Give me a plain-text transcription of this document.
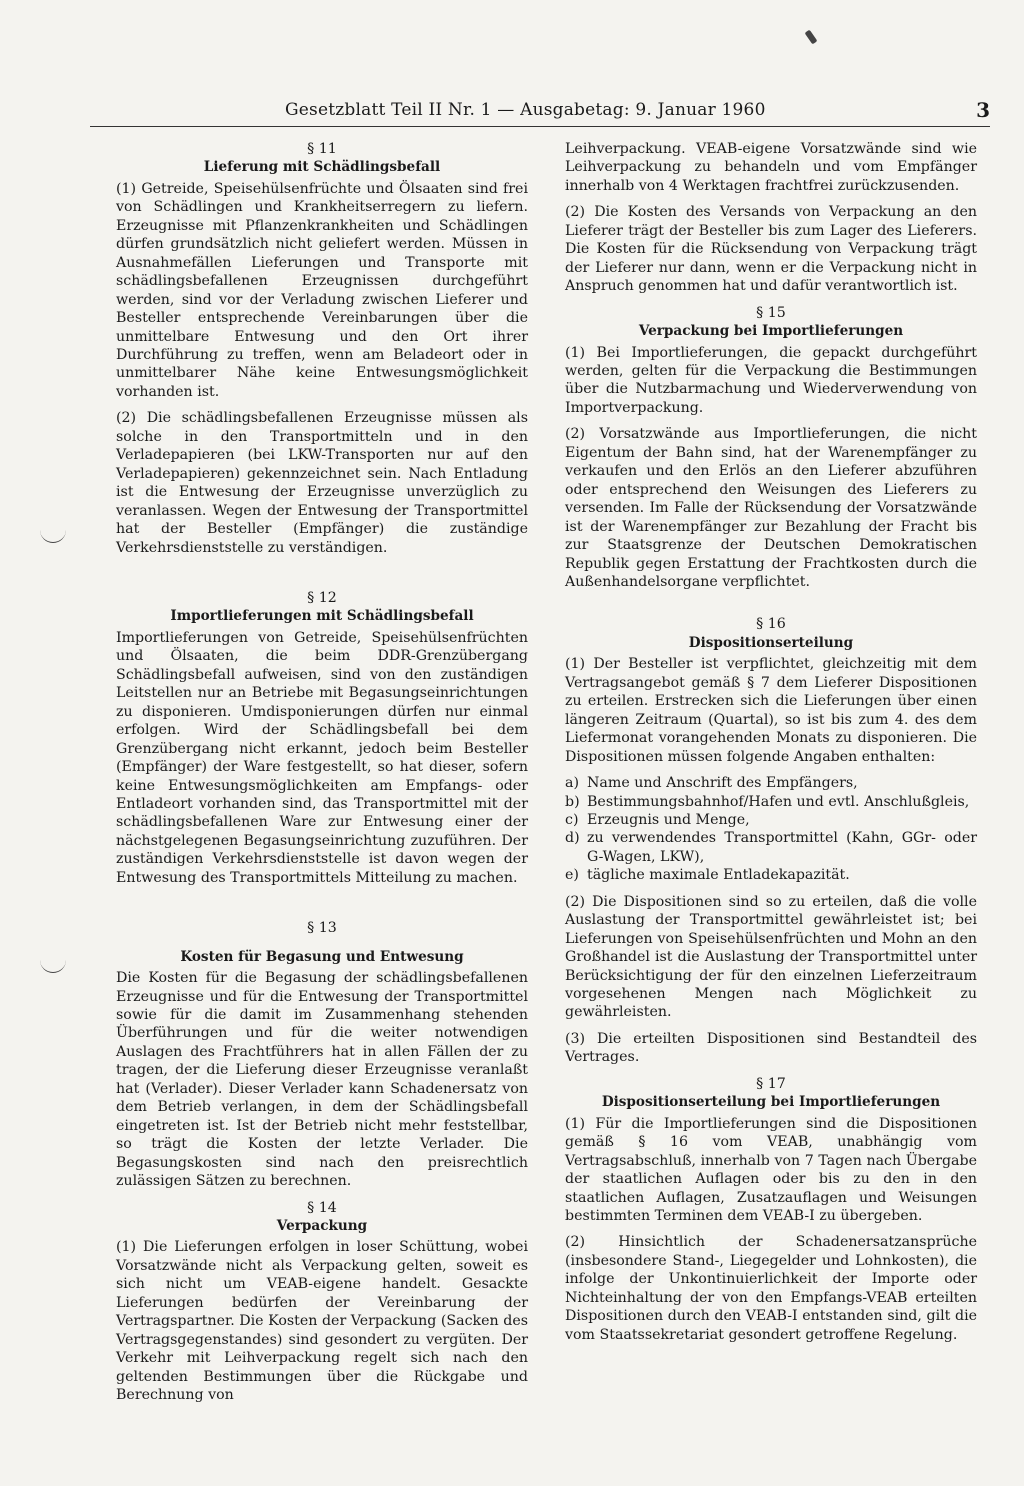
Gesetzblatt Teil II Nr. 1 — Ausgabetag: 9. Januar 1960	3
§ 11
Lieferung mit Schädlingsbefall

(1) Getreide, Speisehülsenfrüchte und Ölsaaten sind frei von Schädlingen und Krankheitserregern zu liefern. Erzeugnisse mit Pflanzenkrankheiten und Schädlingen dürfen grundsätzlich nicht geliefert werden. Müssen in Ausnahmefällen Lieferungen und Transporte mit schädlingsbefallenen Erzeugnissen durchgeführt werden, sind vor der Verladung zwischen Lieferer und Besteller entsprechende Vereinbarungen über die unmittelbare Entwesung und den Ort ihrer Durchführung zu treffen, wenn am Beladeort oder in unmittelbarer Nähe keine Entwesungsmöglichkeit vorhanden ist.

(2) Die schädlingsbefallenen Erzeugnisse müssen als solche in den Transportmitteln und in den Verladepapieren (bei LKW-Transporten nur auf den Verladepapieren) gekennzeichnet sein. Nach Entladung ist die Entwesung der Erzeugnisse unverzüglich zu veranlassen. Wegen der Entwesung der Transportmittel hat der Besteller (Empfänger) die zuständige Verkehrsdienststelle zu verständigen.

§ 12
Importlieferungen mit Schädlingsbefall

Importlieferungen von Getreide, Speisehülsenfrüchten und Ölsaaten, die beim DDR-Grenzübergang Schädlingsbefall aufweisen, sind von den zuständigen Leitstellen nur an Betriebe mit Begasungseinrichtungen zu disponieren. Umdisponierungen dürfen nur einmal erfolgen. Wird der Schädlingsbefall bei dem Grenzübergang nicht erkannt, jedoch beim Besteller (Empfänger) der Ware festgestellt, so hat dieser, sofern keine Entwesungsmöglichkeiten am Empfangs- oder Entladeort vorhanden sind, das Transportmittel mit der schädlingsbefallenen Ware zur Entwesung einer der nächstgelegenen Begasungseinrichtung zuzuführen. Der zuständigen Verkehrsdienststelle ist davon wegen der Entwesung des Transportmittels Mitteilung zu machen.

§ 13
Kosten für Begasung und Entwesung

Die Kosten für die Begasung der schädlingsbefallenen Erzeugnisse und für die Entwesung der Transportmittel sowie für die damit im Zusammenhang stehenden Überführungen und für die weiter notwendigen Auslagen des Frachtführers hat in allen Fällen der zu tragen, der die Lieferung dieser Erzeugnisse veranlaßt hat (Verlader). Dieser Verlader kann Schadenersatz von dem Betrieb verlangen, in dem der Schädlingsbefall eingetreten ist. Ist der Betrieb nicht mehr feststellbar, so trägt die Kosten der letzte Verlader. Die Begasungskosten sind nach den preisrechtlich zulässigen Sätzen zu berechnen.

§ 14
Verpackung

(1) Die Lieferungen erfolgen in loser Schüttung, wobei Vorsatzwände nicht als Verpackung gelten, soweit es sich nicht um VEAB-eigene handelt. Gesackte Lieferungen bedürfen der Vereinbarung der Vertragspartner. Die Kosten der Verpackung (Sacken des Vertragsgegenstandes) sind gesondert zu vergüten. Der Verkehr mit Leihverpackung regelt sich nach den geltenden Bestimmungen über die Rückgabe und Berechnung von

Leihverpackung. VEAB-eigene Vorsatzwände sind wie Leihverpackung zu behandeln und vom Empfänger innerhalb von 4 Werktagen frachtfrei zurückzusenden.

(2) Die Kosten des Versands von Verpackung an den Lieferer trägt der Besteller bis zum Lager des Lieferers. Die Kosten für die Rücksendung von Verpackung trägt der Lieferer nur dann, wenn er die Verpackung nicht in Anspruch genommen hat und dafür verantwortlich ist.

§ 15
Verpackung bei Importlieferungen

(1) Bei Importlieferungen, die gepackt durchgeführt werden, gelten für die Verpackung die Bestimmungen über die Nutzbarmachung und Wiederverwendung von Importverpackung.

(2) Vorsatzwände aus Importlieferungen, die nicht Eigentum der Bahn sind, hat der Warenempfänger zu verkaufen und den Erlös an den Lieferer abzuführen oder entsprechend den Weisungen des Lieferers zu versenden. Im Falle der Rücksendung der Vorsatzwände ist der Warenempfänger zur Bezahlung der Fracht bis zur Staatsgrenze der Deutschen Demokratischen Republik gegen Erstattung der Frachtkosten durch die Außenhandelsorgane verpflichtet.

§ 16
Dispositionserteilung

(1) Der Besteller ist verpflichtet, gleichzeitig mit dem Vertragsangebot gemäß § 7 dem Lieferer Dispositionen zu erteilen. Erstrecken sich die Lieferungen über einen längeren Zeitraum (Quartal), so ist bis zum 4. des dem Liefermonat vorangehenden Monats zu disponieren. Die Dispositionen müssen folgende Angaben enthalten:

a) Name und Anschrift des Empfängers,
b) Bestimmungsbahnhof/Hafen und evtl. Anschlußgleis,
c) Erzeugnis und Menge,
d) zu verwendendes Transportmittel (Kahn, GGr- oder G-Wagen, LKW),
e) tägliche maximale Entladekapazität.

(2) Die Dispositionen sind so zu erteilen, daß die volle Auslastung der Transportmittel gewährleistet ist; bei Lieferungen von Speisehülsenfrüchten und Mohn an den Großhandel ist die Auslastung der Transportmittel unter Berücksichtigung der für den einzelnen Lieferzeitraum vorgesehenen Mengen nach Möglichkeit zu gewährleisten.

(3) Die erteilten Dispositionen sind Bestandteil des Vertrages.

§ 17
Dispositionserteilung bei Importlieferungen

(1) Für die Importlieferungen sind die Dispositionen gemäß § 16 vom VEAB, unabhängig vom Vertragsabschluß, innerhalb von 7 Tagen nach Übergabe der staatlichen Auflagen oder bis zu den in den staatlichen Auflagen, Zusatzauflagen und Weisungen bestimmten Terminen dem VEAB-I zu übergeben.

(2) Hinsichtlich der Schadenersatzansprüche (insbesondere Stand-, Liegegelder und Lohnkosten), die infolge der Unkontinuierlichkeit der Importe oder Nichteinhaltung der von den Empfangs-VEAB erteilten Dispositionen durch den VEAB-I entstanden sind, gilt die vom Staatssekretariat gesondert getroffene Regelung.
